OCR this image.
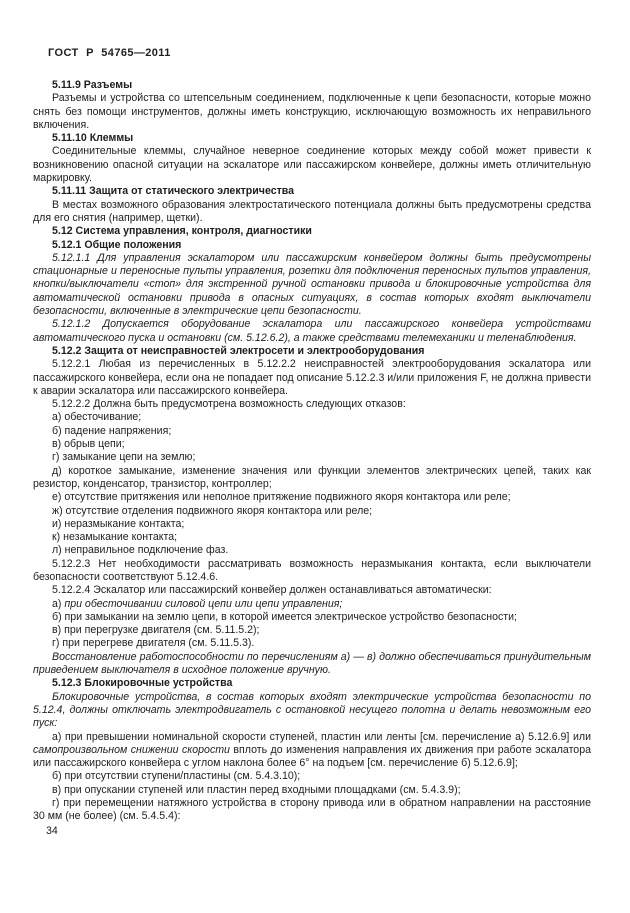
ГОСТ Р 54765—2011

5.11.9 Разъемы

Разъемы и устройства со штепсельным соединением, подключенные к цепи безопасности, которые можно снять без помощи инструментов, должны иметь конструкцию, исключающую возможность их неправильного включения.

5.11.10 Клеммы

Соединительные клеммы, случайное неверное соединение которых между собой может привести к возникновению опасной ситуации на эскалаторе или пассажирском конвейере, должны иметь отличительную маркировку.

5.11.11 Защита от статического электричества

В местах возможного образования электростатического потенциала должны быть предусмотрены средства для его снятия (например, щетки).

5.12 Система управления, контроля, диагностики

5.12.1 Общие положения

5.12.1.1 Для управления эскалатором или пассажирским конвейером должны быть предусмотрены стационарные и переносные пульты управления, розетки для подключения переносных пультов управления, кнопки/выключатели «стоп» для экстренной ручной остановки привода и блокировочные устройства для автоматической остановки привода в опасных ситуациях, в состав которых входят выключатели безопасности, включенные в электрические цепи безопасности.

5.12.1.2 Допускается оборудование эскалатора или пассажирского конвейера устройствами автоматического пуска и остановки (см. 5.12.6.2), а также средствами телемеханики и теленаблюдения.

5.12.2 Защита от неисправностей электросети и электрооборудования

5.12.2.1 Любая из перечисленных в 5.12.2.2 неисправностей электрооборудования эскалатора или пассажирского конвейера, если она не попадает под описание 5.12.2.3 и/или приложения F, не должна привести к аварии эскалатора или пассажирского конвейера.

5.12.2.2 Должна быть предусмотрена возможность следующих отказов:

а) обесточивание;

б) падение напряжения;

в) обрыв цепи;

г) замыкание цепи на землю;

д) короткое замыкание, изменение значения или функции элементов электрических цепей, таких как резистор, конденсатор, транзистор, контроллер;

е) отсутствие притяжения или неполное притяжение подвижного якоря контактора или реле;

ж) отсутствие отделения подвижного якоря контактора или реле;

и) неразмыкание контакта;

к) незамыкание контакта;

л) неправильное подключение фаз.

5.12.2.3 Нет необходимости рассматривать возможность неразмыкания контакта, если выключатели безопасности соответствуют 5.12.4.6.

5.12.2.4 Эскалатор или пассажирский конвейер должен останавливаться автоматически:

а) при обесточивании силовой цепи или цепи управления;

б) при замыкании на землю цепи, в которой имеется электрическое устройство безопасности;

в) при перегрузке двигателя (см. 5.11.5.2);

г) при перегреве двигателя (см. 5.11.5.3).

Восстановление работоспособности по перечислениям а) — в) должно обеспечиваться принудительным приведением выключателя в исходное положение вручную.

5.12.3 Блокировочные устройства

Блокировочные устройства, в состав которых входят электрические устройства безопасности по 5.12.4, должны отключать электродвигатель с остановкой несущего полотна и делать невозможным его пуск:

а) при превышении номинальной скорости ступеней, пластин или ленты [см. перечисление а) 5.12.6.9] или самопроизвольном снижении скорости вплоть до изменения направления их движения при работе эскалатора или пассажирского конвейера с углом наклона более 6° на подъем [см. перечисление б) 5.12.6.9];

б) при отсутствии ступени/пластины (см. 5.4.3.10);

в) при опускании ступеней или пластин перед входными площадками (см. 5.4.3.9);

г) при перемещении натяжного устройства в сторону привода или в обратном направлении на расстояние 30 мм (не более) (см. 5.4.5.4):

34
